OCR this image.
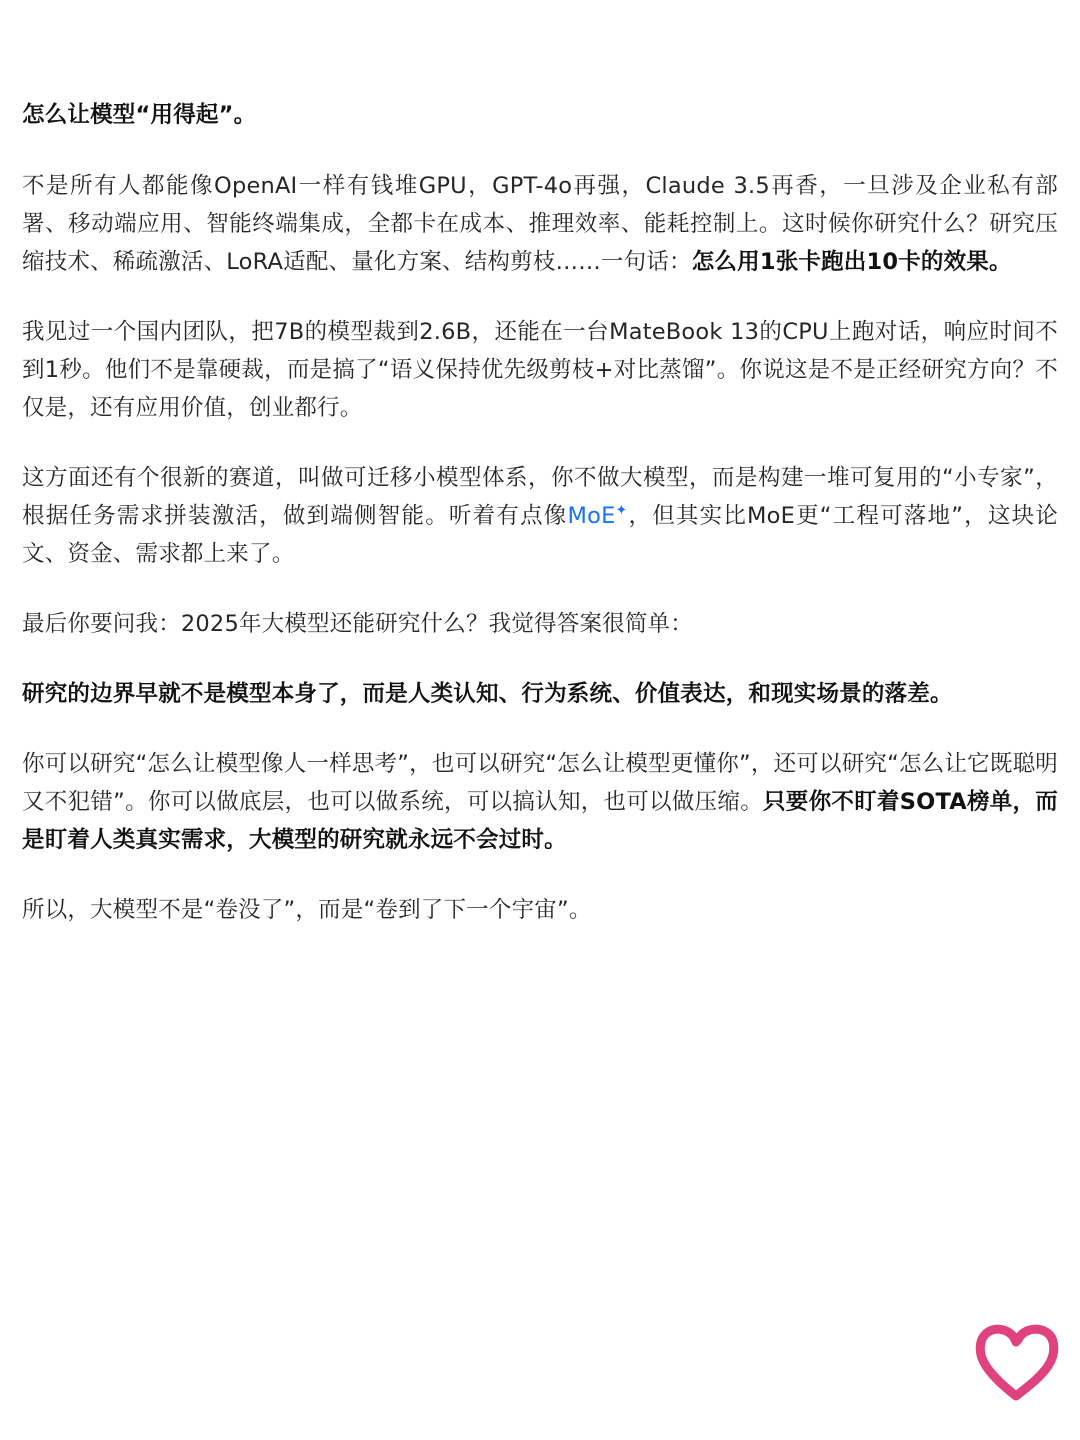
怎么让模型“用得起”。

不是所有人都能像OpenAI一样有钱堆GPU，GPT-4o再强，Claude 3.5再香，一旦涉及企业私有部署、移动端应用、智能终端集成，全都卡在成本、推理效率、能耗控制上。这时候你研究什么？研究压缩技术、稀疏激活、LoRA适配、量化方案、结构剪枝……一句话：怎么用1张卡跑出10卡的效果。

我见过一个国内团队，把7B的模型裁到2.6B，还能在一台MateBook 13的CPU上跑对话，响应时间不到1秒。他们不是靠硬裁，而是搞了“语义保持优先级剪枝+对比蒸馏”。你说这是不是正经研究方向？不仅是，还有应用价值，创业都行。

这方面还有个很新的赛道，叫做可迁移小模型体系，你不做大模型，而是构建一堆可复用的“小专家”，根据任务需求拼装激活，做到端侧智能。听着有点像MoE✦，但其实比MoE更“工程可落地”，这块论文、资金、需求都上来了。

最后你要问我：2025年大模型还能研究什么？我觉得答案很简单：

研究的边界早就不是模型本身了，而是人类认知、行为系统、价值表达，和现实场景的落差。

你可以研究“怎么让模型像人一样思考”，也可以研究“怎么让模型更懂你”，还可以研究“怎么让它既聪明又不犯错”。你可以做底层，也可以做系统，可以搞认知，也可以做压缩。只要你不盯着SOTA榜单，而是盯着人类真实需求，大模型的研究就永远不会过时。

所以，大模型不是“卷没了”，而是“卷到了下一个宇宙”。
